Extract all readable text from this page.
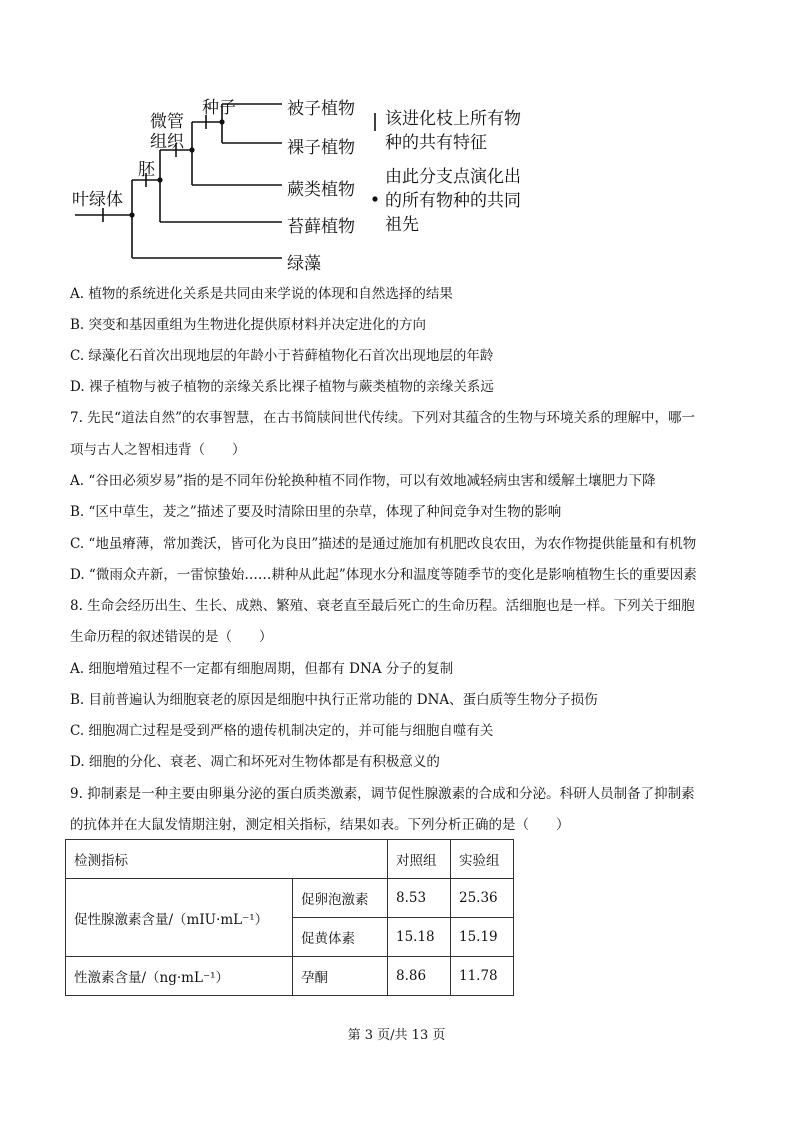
被子植物
裸子植物
蕨类植物
苔藓植物
绿藻
种子
微管
组织
胚
叶绿体
该进化枝上所有物
种的共有特征
由此分支点演化出
的所有物种的共同
祖先
A. 植物的系统进化关系是共同由来学说的体现和自然选择的结果
B. 突变和基因重组为生物进化提供原材料并决定进化的方向
C. 绿藻化石首次出现地层的年龄小于苔藓植物化石首次出现地层的年龄
D. 裸子植物与被子植物的亲缘关系比裸子植物与蕨类植物的亲缘关系远
7. 先民“道法自然”的农事智慧，在古书简牍间世代传续。下列对其蕴含的生物与环境关系的理解中，哪一
项与古人之智相违背（　　）
A. “谷田必须岁易”指的是不同年份轮换种植不同作物，可以有效地减轻病虫害和缓解土壤肥力下降
B. “区中草生，茇之”描述了要及时清除田里的杂草，体现了种间竞争对生物的影响
C. “地虽瘠薄，常加粪沃，皆可化为良田”描述的是通过施加有机肥改良农田，为农作物提供能量和有机物
D. “微雨众卉新，一雷惊蛰始……耕种从此起”体现水分和温度等随季节的变化是影响植物生长的重要因素
8. 生命会经历出生、生长、成熟、繁殖、衰老直至最后死亡的生命历程。活细胞也是一样。下列关于细胞
生命历程的叙述错误的是（　　）
A. 细胞增殖过程不一定都有细胞周期，但都有 DNA 分子的复制
B. 目前普遍认为细胞衰老的原因是细胞中执行正常功能的 DNA、蛋白质等生物分子损伤
C. 细胞凋亡过程是受到严格的遗传机制决定的，并可能与细胞自噬有关
D. 细胞的分化、衰老、凋亡和坏死对生物体都是有积极意义的
9. 抑制素是一种主要由卵巢分泌的蛋白质类激素，调节促性腺激素的合成和分泌。科研人员制备了抑制素
的抗体并在大鼠发情期注射，测定相关指标，结果如表。下列分析正确的是（　　）
检测指标		对照组	实验组
促性腺激素含量/（mIU·mL⁻¹）	促卵泡激素	8.53	25.36
	促黄体素	15.18	15.19
性激素含量/（ng·mL⁻¹）	孕酮	8.86	11.78
第 3 页/共 13 页
